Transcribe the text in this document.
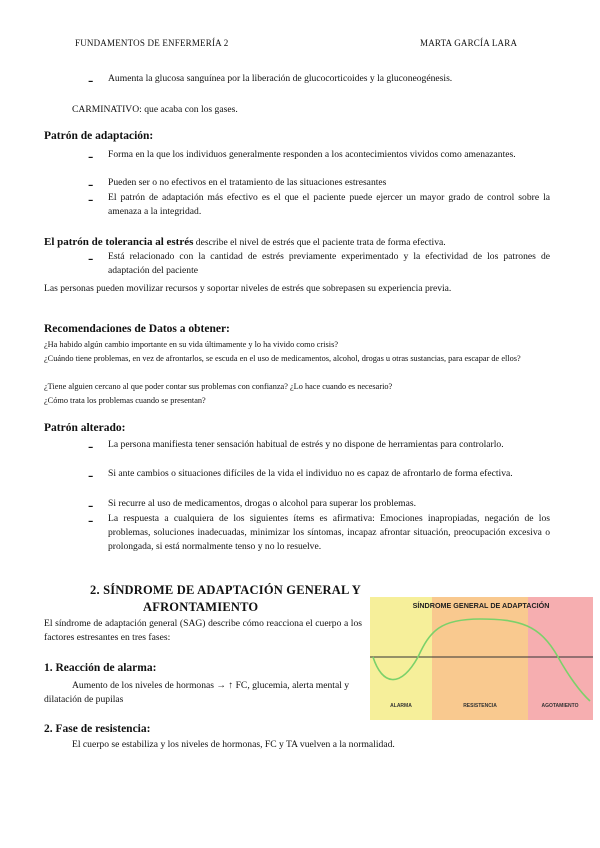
FUNDAMENTOS DE ENFERMERÍA 2	MARTA GARCÍA LARA
- Aumenta la glucosa sanguínea por la liberación de glucocorticoides y la gluconeogénesis.
CARMINATIVO: que acaba con los gases.
Patrón de adaptación:
- Forma en la que los individuos generalmente responden a los acontecimientos vividos como amenazantes.
- Pueden ser o no efectivos en el tratamiento de las situaciones estresantes
- El patrón de adaptación más efectivo es el que el paciente puede ejercer un mayor grado de control sobre la amenaza a la integridad.
El patrón de tolerancia al estrés describe el nivel de estrés que el paciente trata de forma efectiva.
- Está relacionado con la cantidad de estrés previamente experimentado y la efectividad de los patrones de adaptación del paciente
Las personas pueden movilizar recursos y soportar niveles de estrés que sobrepasen su experiencia previa.
Recomendaciones de Datos a obtener:
¿Ha habido algún cambio importante en su vida últimamente y lo ha vivido como crisis?
¿Cuándo tiene problemas, en vez de afrontarlos, se escuda en el uso de medicamentos, alcohol, drogas u otras sustancias, para escapar de ellos?
¿Tiene alguien cercano al que poder contar sus problemas con confianza? ¿Lo hace cuando es necesario?
¿Cómo trata los problemas cuando se presentan?
Patrón alterado:
- La persona manifiesta tener sensación habitual de estrés y no dispone de herramientas para controlarlo.
- Si ante cambios o situaciones difíciles de la vida el individuo no es capaz de afrontarlo de forma efectiva.
- Si recurre al uso de medicamentos, drogas o alcohol para superar los problemas.
- La respuesta a cualquiera de los siguientes ítems es afirmativa: Emociones inapropiadas, negación de los problemas, soluciones inadecuadas, minimizar los síntomas, incapaz afrontar situación, preocupación excesiva o prolongada, si está normalmente tenso y no lo resuelve.
2. SÍNDROME DE ADAPTACIÓN GENERAL Y
AFRONTAMIENTO
El síndrome de adaptación general (SAG) describe cómo reacciona el cuerpo a los factores estresantes en tres fases:
1. Reacción de alarma:
Aumento de los niveles de hormonas → ↑ FC, glucemia, alerta mental y dilatación de pupilas
2. Fase de resistencia:
El cuerpo se estabiliza y los niveles de hormonas, FC y TA vuelven a la normalidad.
SÍNDROME GENERAL DE ADAPTACIÓN
ALARMA	RESISTENCIA	AGOTAMIENTO
